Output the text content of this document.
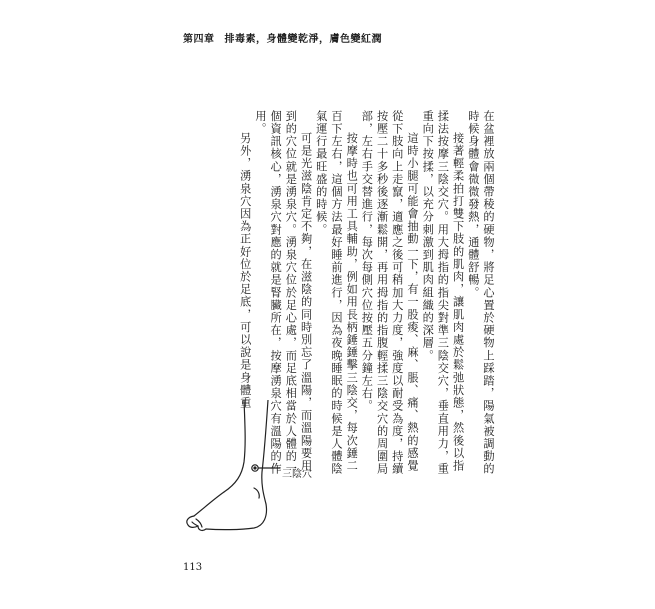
第四章 排毒素，身體變乾淨，膚色變紅潤

在盆裡放兩個帶稜的硬物，將足心置於硬物上踩踏，陽氣被調動的時候身體會微微發熱，通體舒暢。

接著輕柔拍打雙下肢的肌肉，讓肌肉處於鬆弛狀態，然後以指揉法按摩三陰交穴。用大拇指的指尖對準三陰交穴，垂直用力，重重向下按揉，以充分刺激到肌肉組織的深層。

這時小腿可能會抽動一下，有一股痠、麻、脹、痛、熱的感覺從下肢向上走竄，適應之後可稍加大力度，強度以耐受為度，持續按壓二十多秒後逐漸鬆開，再用拇指的指腹輕揉三陰交穴的周圍局部，左右手交替進行，每次每側穴位按壓五分鐘左右。

按摩時也可用工具輔助，例如用長柄錘錘擊三陰交，每次錘二百下左右，這個方法最好睡前進行，因為夜晚睡眠的時候是人體陰氣運行最旺盛的時候。

可是光滋陰肯定不夠，在滋陰的同時別忘了溫陽，而溫陽要用到的穴位就是湧泉穴。湧泉穴位於足心處，而足底相當於人體的一個資訊核心，湧泉穴對應的就是腎臟所在，按摩湧泉穴有溫陽的作用。

另外，湧泉穴因為正好位於足底，可以說是身體重

三陰穴
113
